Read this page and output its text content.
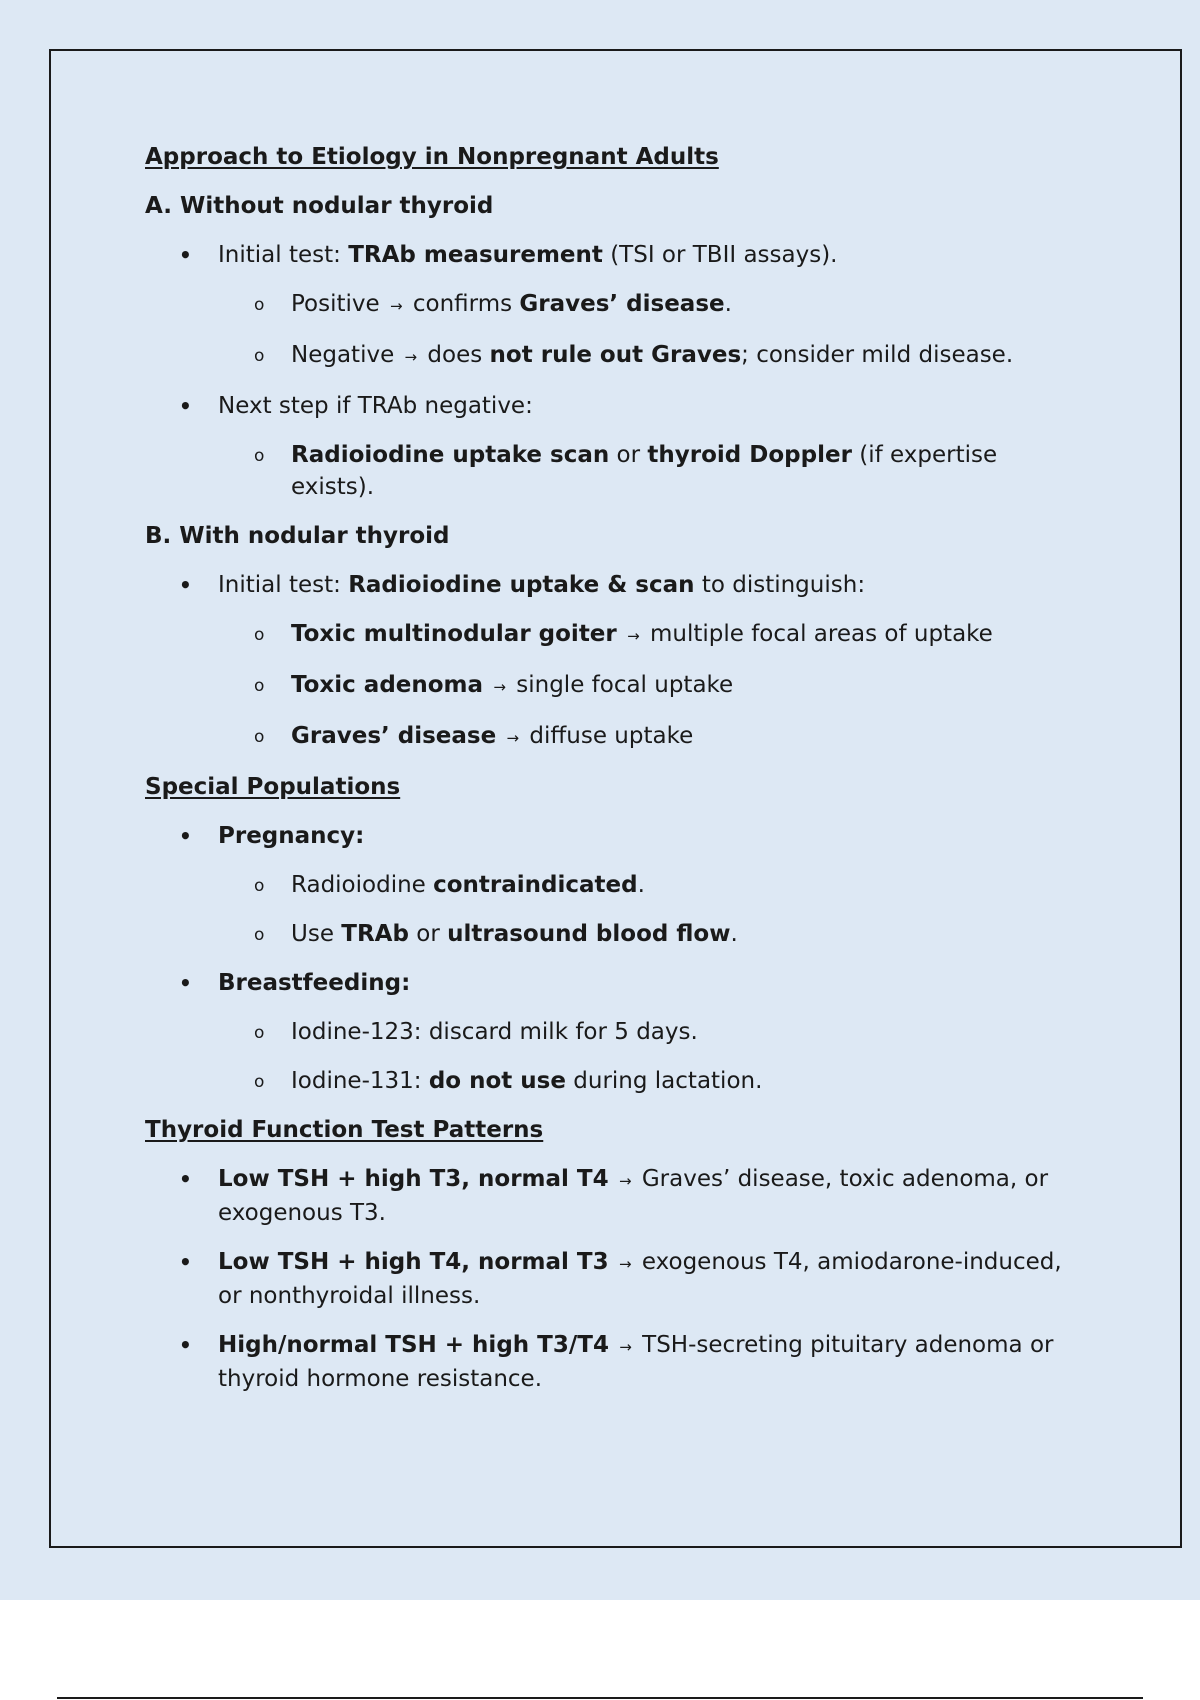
Approach to Etiology in Nonpregnant Adults
A. Without nodular thyroid
• Initial test: TRAb measurement (TSI or TBII assays).
o Positive → confirms Graves’ disease.
o Negative → does not rule out Graves; consider mild disease.
• Next step if TRAb negative:
o Radioiodine uptake scan or thyroid Doppler (if expertise exists).
B. With nodular thyroid
• Initial test: Radioiodine uptake & scan to distinguish:
o Toxic multinodular goiter → multiple focal areas of uptake
o Toxic adenoma → single focal uptake
o Graves’ disease → diffuse uptake
Special Populations
• Pregnancy:
o Radioiodine contraindicated.
o Use TRAb or ultrasound blood flow.
• Breastfeeding:
o Iodine-123: discard milk for 5 days.
o Iodine-131: do not use during lactation.
Thyroid Function Test Patterns
• Low TSH + high T3, normal T4 → Graves’ disease, toxic adenoma, or exogenous T3.
• Low TSH + high T4, normal T3 → exogenous T4, amiodarone-induced, or nonthyroidal illness.
• High/normal TSH + high T3/T4 → TSH-secreting pituitary adenoma or thyroid hormone resistance.
